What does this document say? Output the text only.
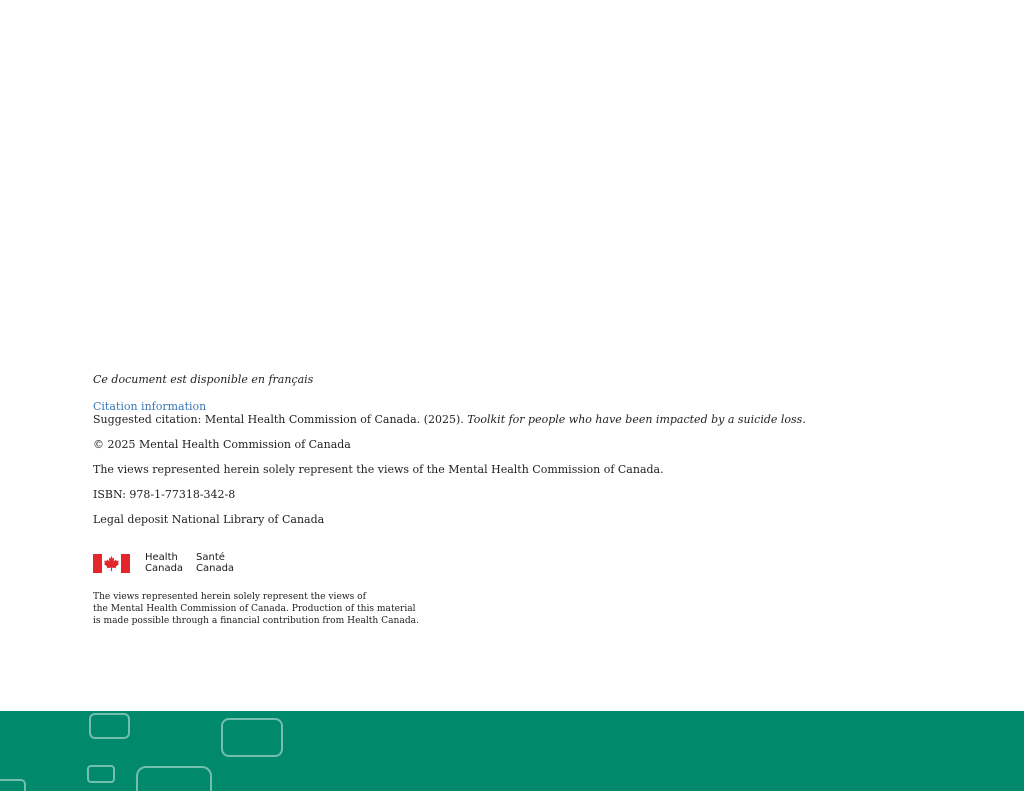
Ce document est disponible en français
Citation information
Suggested citation: Mental Health Commission of Canada. (2025). Toolkit for people who have been impacted by a suicide loss.
© 2025 Mental Health Commission of Canada
The views represented herein solely represent the views of the Mental Health Commission of Canada.
ISBN: 978-1-77318-342-8
Legal deposit National Library of Canada
Health
Canada
Santé
Canada
The views represented herein solely represent the views of
the Mental Health Commission of Canada. Production of this material
is made possible through a financial contribution from Health Canada.
